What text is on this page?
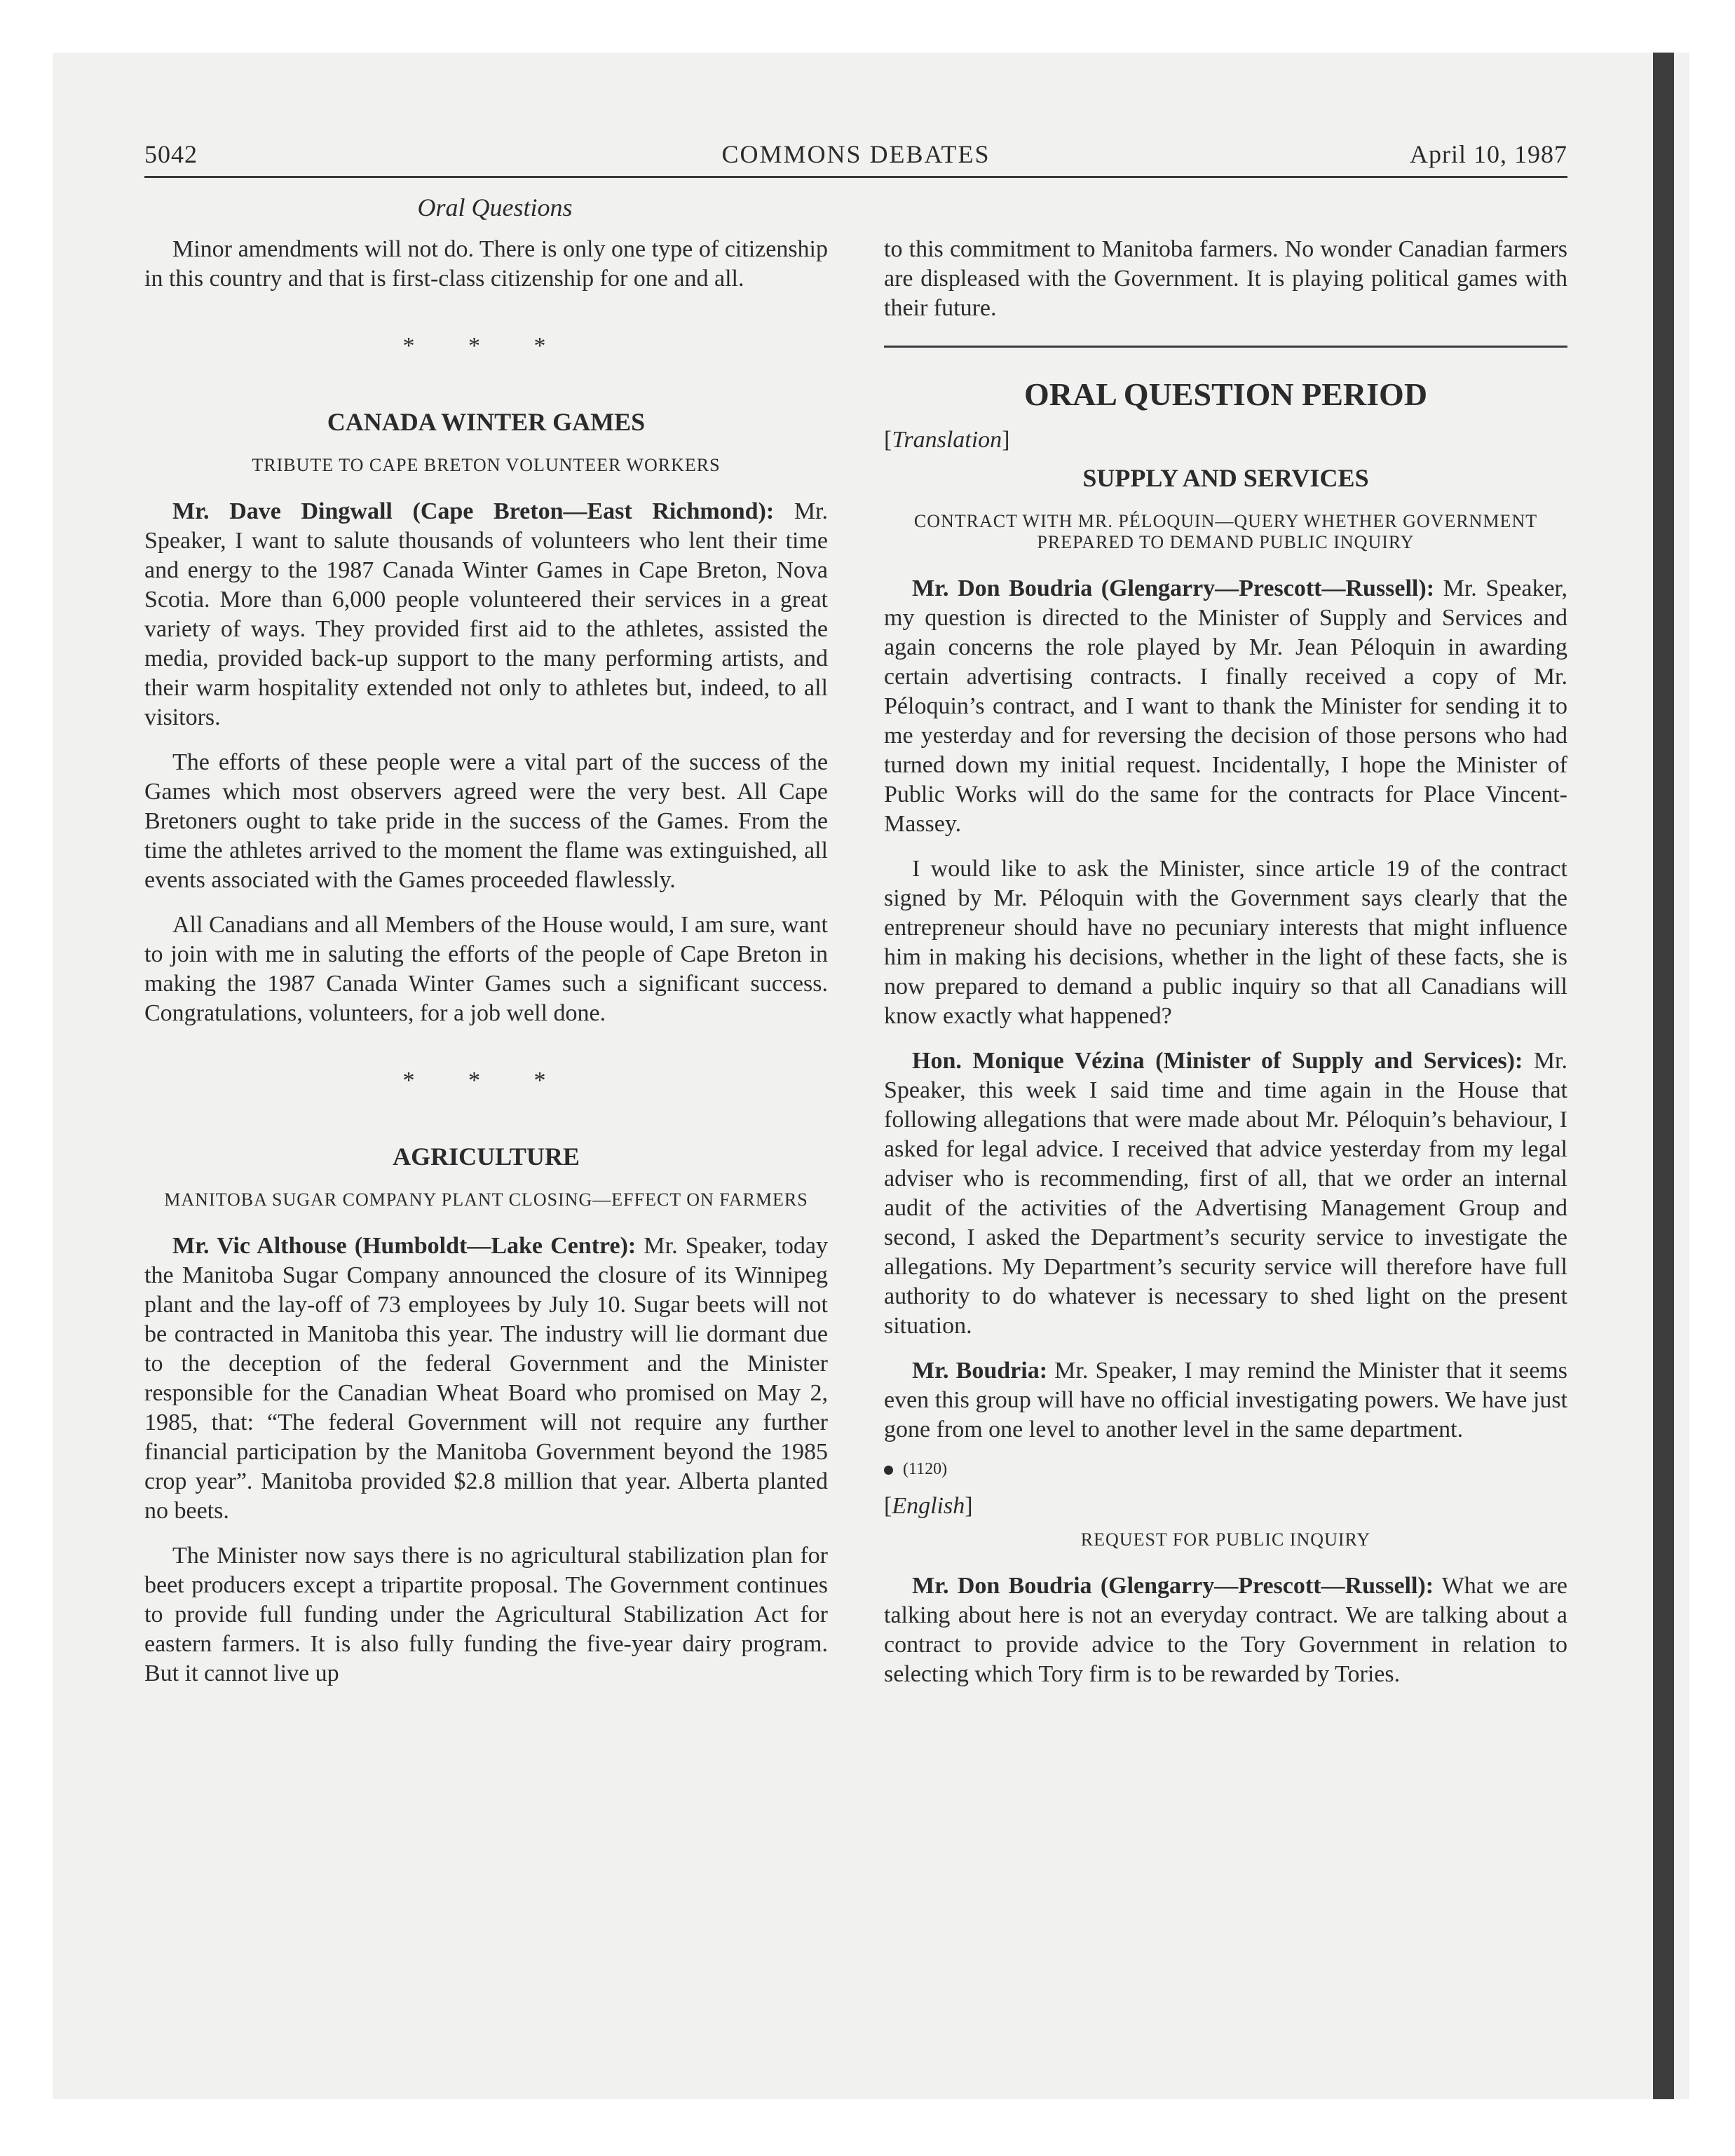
5042	COMMONS DEBATES	April 10, 1987
Oral Questions

Minor amendments will not do. There is only one type of citizenship in this country and that is first-class citizenship for one and all.

* * *
CANADA WINTER GAMES
TRIBUTE TO CAPE BRETON VOLUNTEER WORKERS

Mr. Dave Dingwall (Cape Breton—East Richmond): Mr. Speaker, I want to salute thousands of volunteers who lent their time and energy to the 1987 Canada Winter Games in Cape Breton, Nova Scotia. More than 6,000 people volunteered their services in a great variety of ways. They provided first aid to the athletes, assisted the media, provided back-up support to the many performing artists, and their warm hospitality extended not only to athletes but, indeed, to all visitors.

The efforts of these people were a vital part of the success of the Games which most observers agreed were the very best. All Cape Bretoners ought to take pride in the success of the Games. From the time the athletes arrived to the moment the flame was extinguished, all events associated with the Games proceeded flawlessly.

All Canadians and all Members of the House would, I am sure, want to join with me in saluting the efforts of the people of Cape Breton in making the 1987 Canada Winter Games such a significant success. Congratulations, volunteers, for a job well done.

* * *
AGRICULTURE
MANITOBA SUGAR COMPANY PLANT CLOSING—EFFECT ON FARMERS

Mr. Vic Althouse (Humboldt—Lake Centre): Mr. Speaker, today the Manitoba Sugar Company announced the closure of its Winnipeg plant and the lay-off of 73 employees by July 10. Sugar beets will not be contracted in Manitoba this year. The industry will lie dormant due to the deception of the federal Government and the Minister responsible for the Canadian Wheat Board who promised on May 2, 1985, that: “The federal Government will not require any further financial participation by the Manitoba Government beyond the 1985 crop year”. Manitoba provided $2.8 million that year. Alberta planted no beets.

The Minister now says there is no agricultural stabilization plan for beet producers except a tripartite proposal. The Government continues to provide full funding under the Agricultural Stabilization Act for eastern farmers. It is also fully funding the five-year dairy program. But it cannot live up

to this commitment to Manitoba farmers. No wonder Canadian farmers are displeased with the Government. It is playing political games with their future.

ORAL QUESTION PERIOD
[Translation]
SUPPLY AND SERVICES
CONTRACT WITH MR. PÉLOQUIN—QUERY WHETHER GOVERNMENT PREPARED TO DEMAND PUBLIC INQUIRY

Mr. Don Boudria (Glengarry—Prescott—Russell): Mr. Speaker, my question is directed to the Minister of Supply and Services and again concerns the role played by Mr. Jean Péloquin in awarding certain advertising contracts. I finally received a copy of Mr. Péloquin’s contract, and I want to thank the Minister for sending it to me yesterday and for reversing the decision of those persons who had turned down my initial request. Incidentally, I hope the Minister of Public Works will do the same for the contracts for Place Vincent-Massey.

I would like to ask the Minister, since article 19 of the contract signed by Mr. Péloquin with the Government says clearly that the entrepreneur should have no pecuniary interests that might influence him in making his decisions, whether in the light of these facts, she is now prepared to demand a public inquiry so that all Canadians will know exactly what happened?

Hon. Monique Vézina (Minister of Supply and Services): Mr. Speaker, this week I said time and time again in the House that following allegations that were made about Mr. Péloquin’s behaviour, I asked for legal advice. I received that advice yesterday from my legal adviser who is recommending, first of all, that we order an internal audit of the activities of the Advertising Management Group and second, I asked the Department’s security service to investigate the allegations. My Department’s security service will therefore have full authority to do whatever is necessary to shed light on the present situation.

Mr. Boudria: Mr. Speaker, I may remind the Minister that it seems even this group will have no official investigating powers. We have just gone from one level to another level in the same department.

(1120)
[English]
REQUEST FOR PUBLIC INQUIRY

Mr. Don Boudria (Glengarry—Prescott—Russell): What we are talking about here is not an everyday contract. We are talking about a contract to provide advice to the Tory Government in relation to selecting which Tory firm is to be rewarded by Tories.
